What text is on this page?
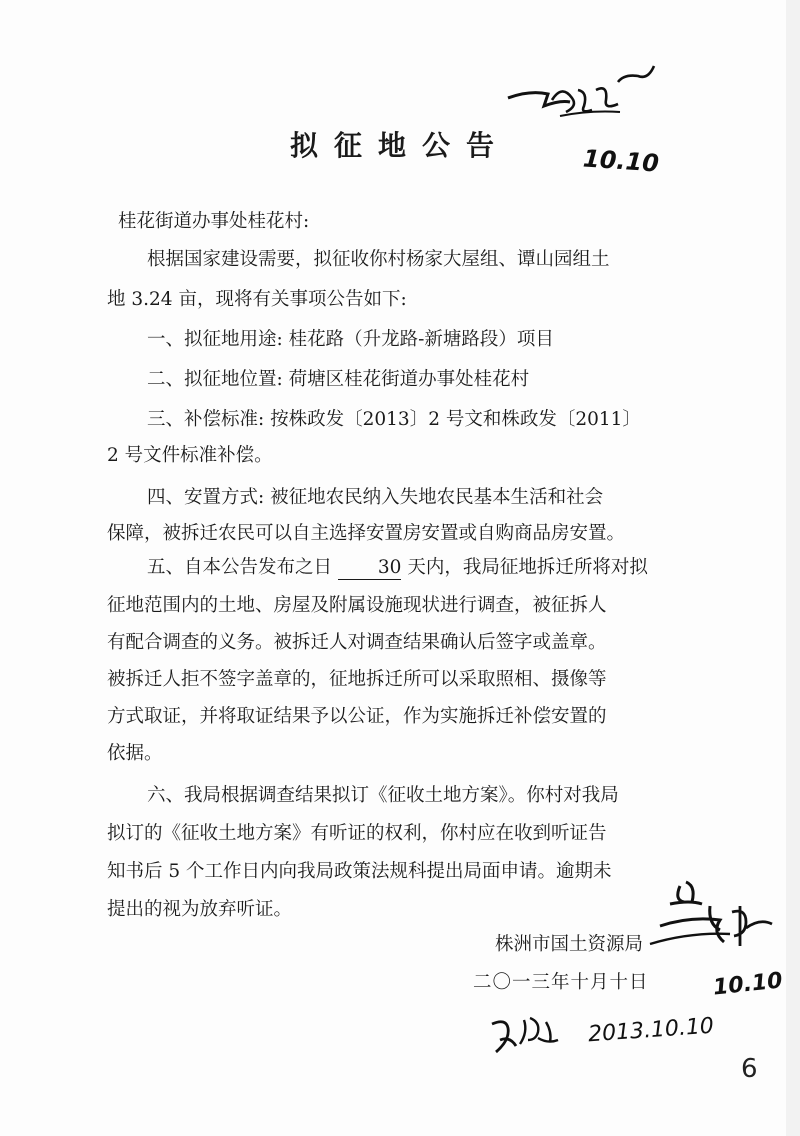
10.10
拟征地公告
桂花街道办事处桂花村:
根据国家建设需要，拟征收你村杨家大屋组、谭山园组土
地 3.24 亩，现将有关事项公告如下:
一、拟征地用途: 桂花路（升龙路-新塘路段）项目
二、拟征地位置: 荷塘区桂花街道办事处桂花村
三、补偿标准: 按株政发〔2013〕2 号文和株政发〔2011〕
2 号文件标准补偿。
四、安置方式: 被征地农民纳入失地农民基本生活和社会
保障，被拆迁农民可以自主选择安置房安置或自购商品房安置。
五、自本公告发布之日 30 天内，我局征地拆迁所将对拟
征地范围内的土地、房屋及附属设施现状进行调查，被征拆人
有配合调查的义务。被拆迁人对调查结果确认后签字或盖章。
被拆迁人拒不签字盖章的，征地拆迁所可以采取照相、摄像等
方式取证，并将取证结果予以公证，作为实施拆迁补偿安置的
依据。
六、我局根据调查结果拟订《征收土地方案》。你村对我局
拟订的《征收土地方案》有听证的权利，你村应在收到听证告
知书后 5 个工作日内向我局政策法规科提出局面申请。逾期未
提出的视为放弃听证。
株洲市国土资源局
二〇一三年十月十日	10.10
2013.10.10
6
